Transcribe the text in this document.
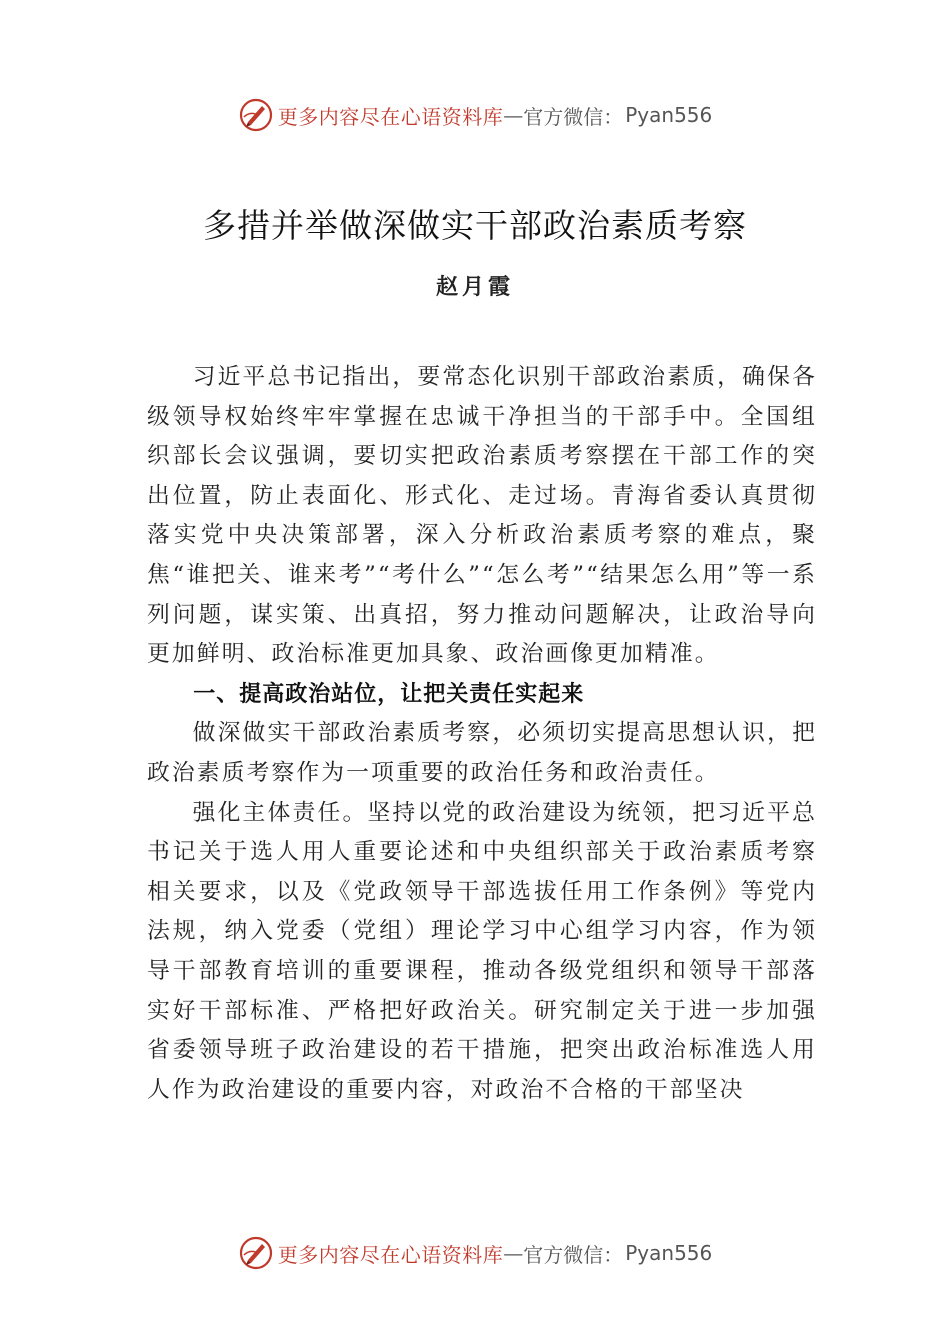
更多内容尽在心语资料库 — 官方微信： Pyan556
多措并举做深做实干部政治素质考察
赵月霞

习近平总书记指出，要常态化识别干部政治素质，确保各级领导权始终牢牢掌握在忠诚干净担当的干部手中。全国组织部长会议强调，要切实把政治素质考察摆在干部工作的突出位置，防止表面化、形式化、走过场。青海省委认真贯彻落实党中央决策部署，深入分析政治素质考察的难点，聚焦“谁把关、谁来考”“考什么”“怎么考”“结果怎么用”等一系列问题，谋实策、出真招，努力推动问题解决，让政治导向更加鲜明、政治标准更加具象、政治画像更加精准。

一、提高政治站位，让把关责任实起来

做深做实干部政治素质考察，必须切实提高思想认识，把政治素质考察作为一项重要的政治任务和政治责任。

强化主体责任。坚持以党的政治建设为统领，把习近平总书记关于选人用人重要论述和中央组织部关于政治素质考察相关要求，以及《党政领导干部选拔任用工作条例》等党内法规，纳入党委（党组）理论学习中心组学习内容，作为领导干部教育培训的重要课程，推动各级党组织和领导干部落实好干部标准、严格把好政治关。研究制定关于进一步加强省委领导班子政治建设的若干措施，把突出政治标准选人用人作为政治建设的重要内容，对政治不合格的干部坚决

更多内容尽在心语资料库 — 官方微信： Pyan556
